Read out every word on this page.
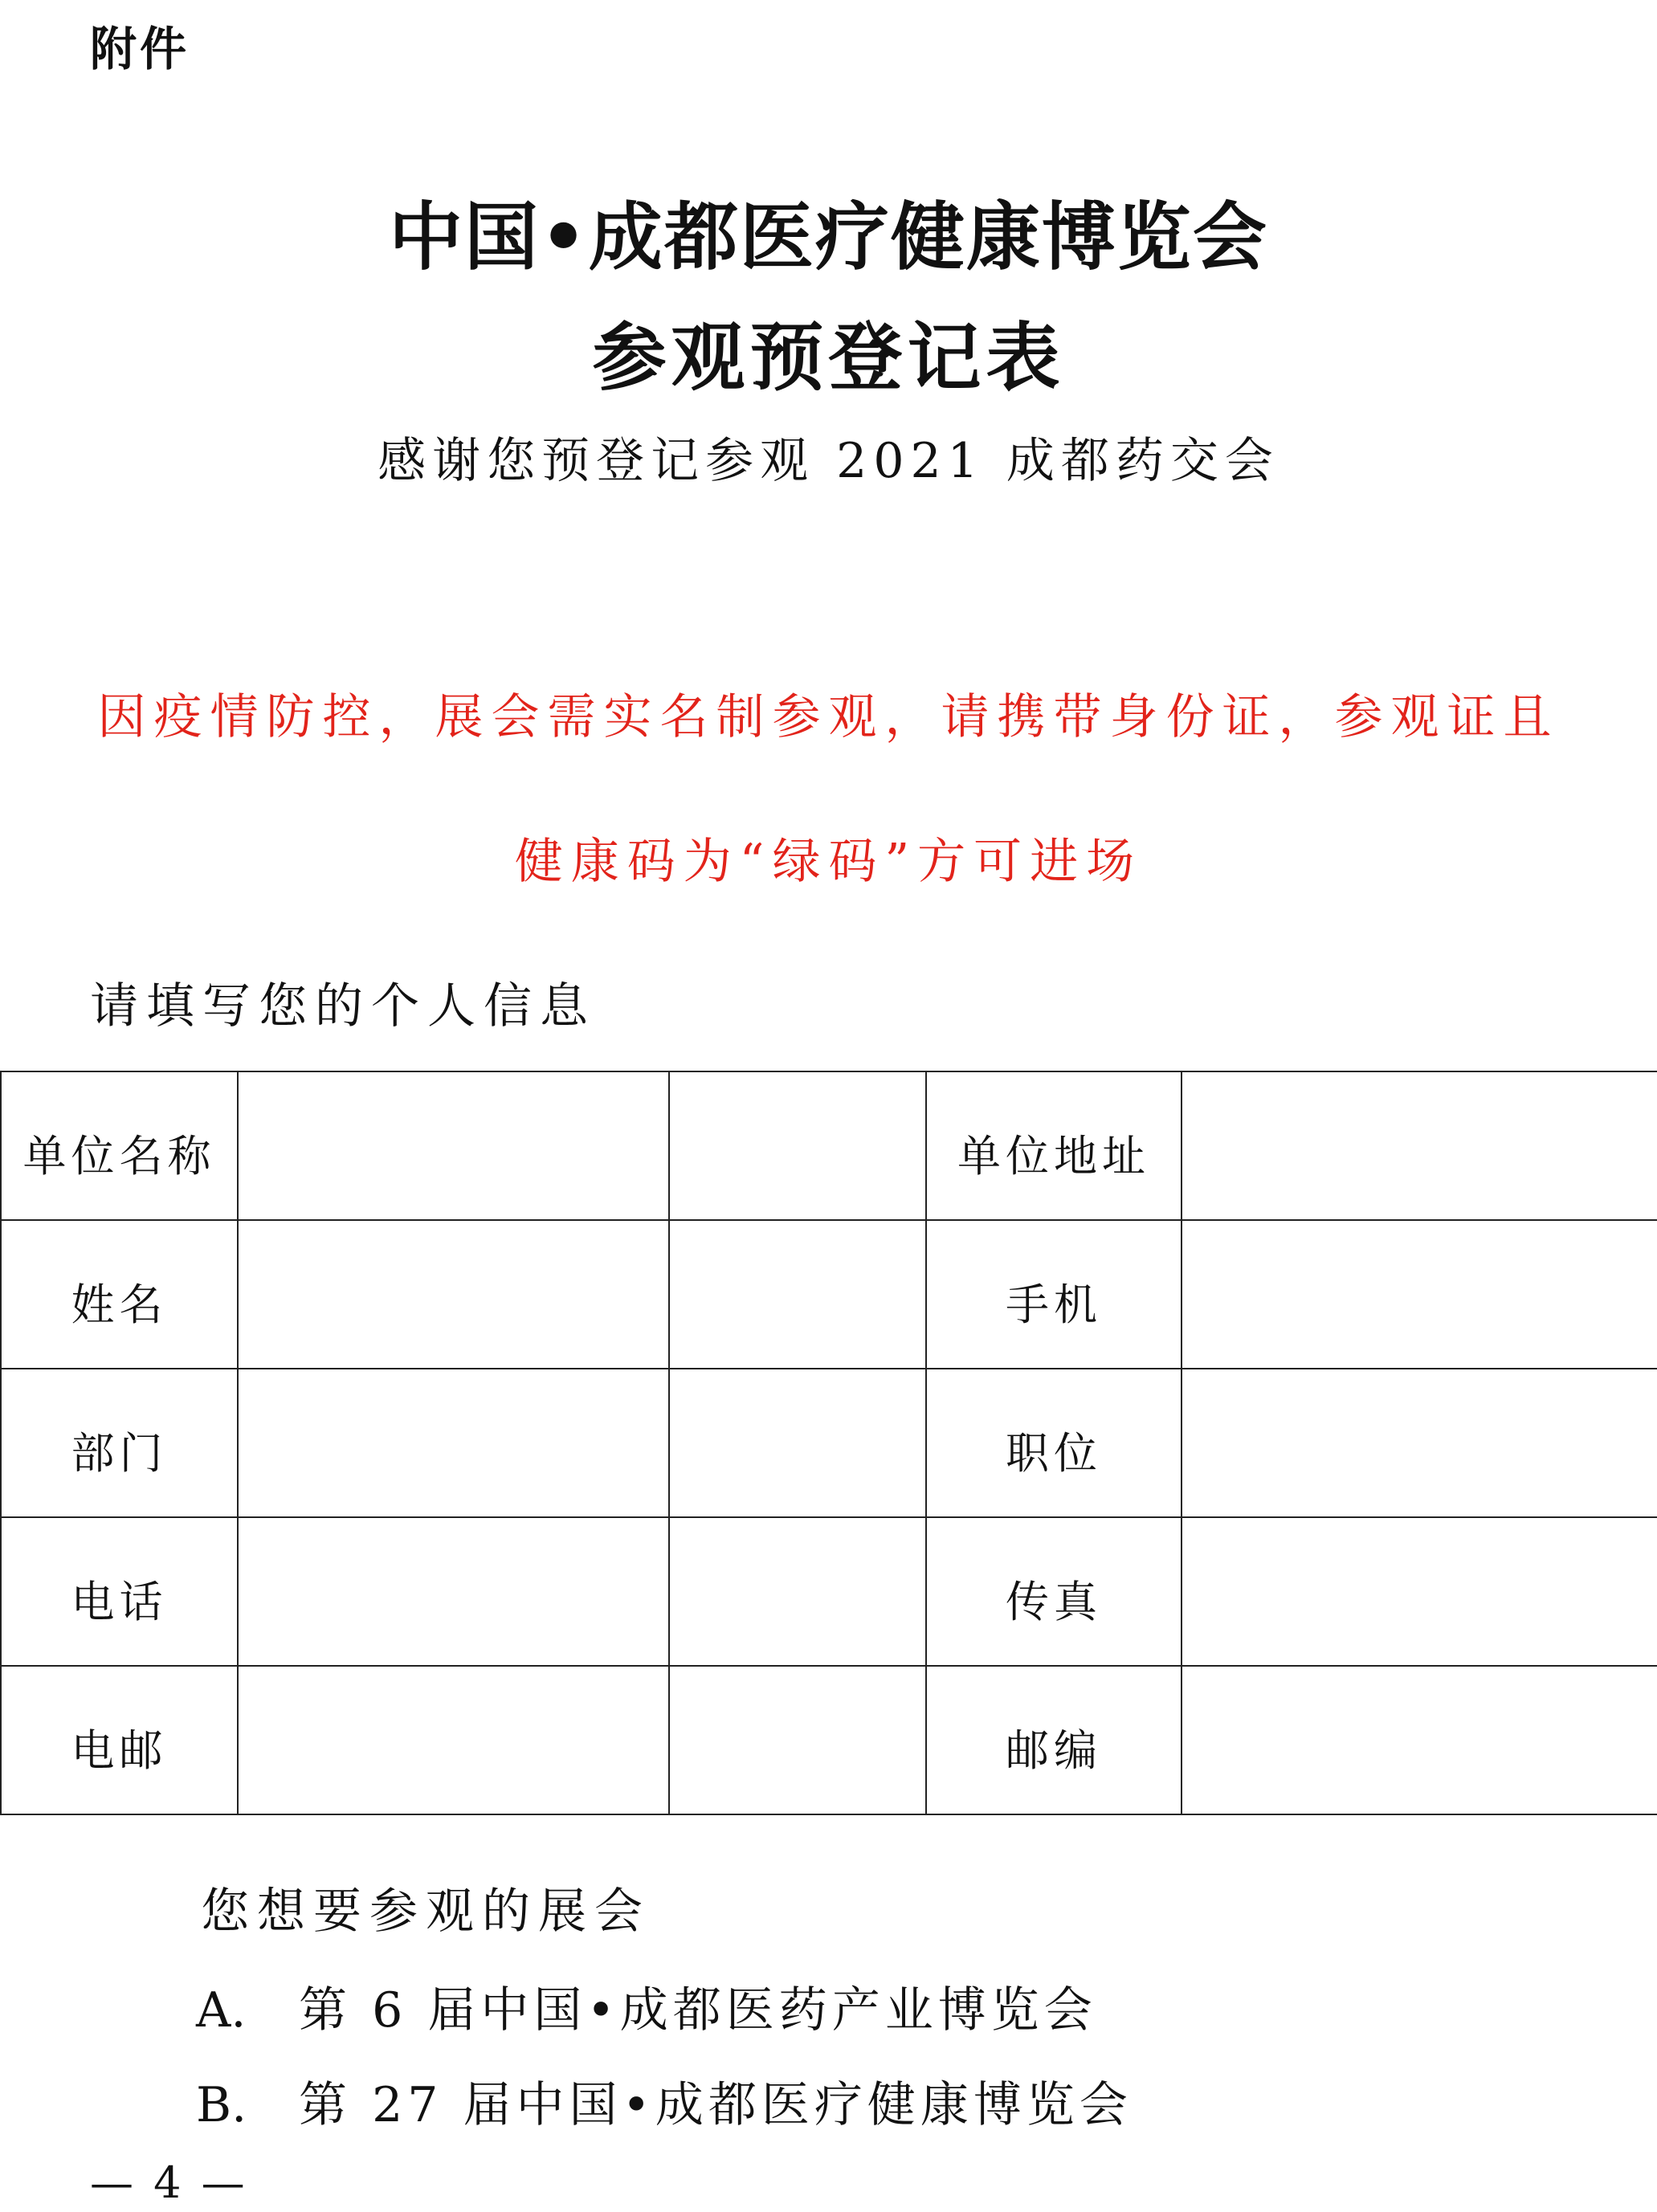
附件
中国•成都医疗健康博览会
参观预登记表
感谢您预登记参观 2021 成都药交会
因疫情防控，展会需实名制参观，请携带身份证，参观证且
健康码为“绿码”方可进场
请填写您的个人信息
单位名称			单位地址	
姓名			手机	
部门			职位	
电话			传真	
电邮			邮编	
您想要参观的展会
A. 第 6 届中国•成都医药产业博览会
B. 第 27 届中国•成都医疗健康博览会
— 4 —
